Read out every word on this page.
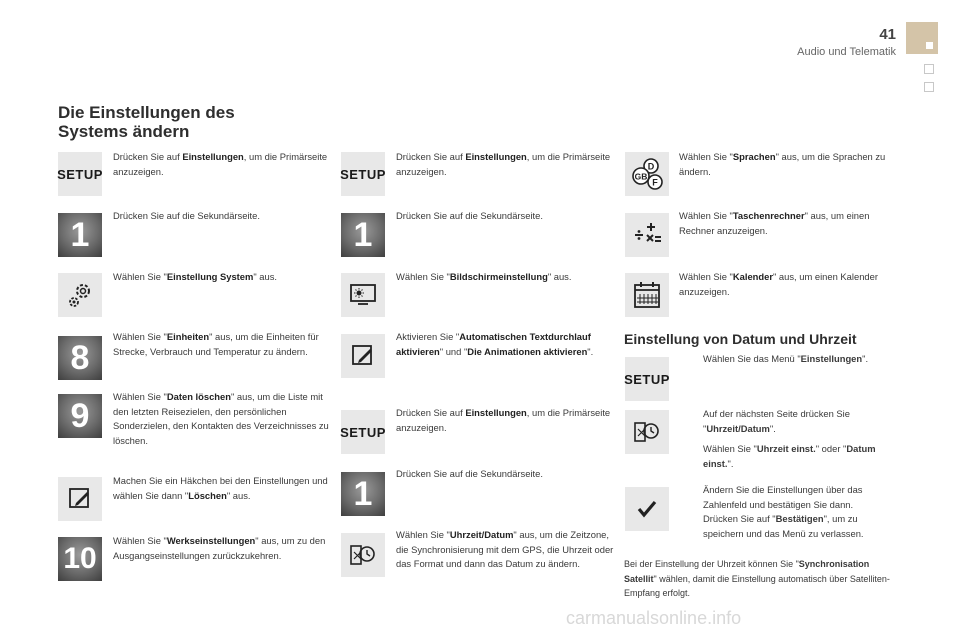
41
Audio und Telematik
Die Einstellungen des
Systems ändern
SETUP
Drücken Sie auf Einstellungen, um die Primärseite anzuzeigen.
1	Drücken Sie auf die Sekundärseite.
Wählen Sie "Einstellung System" aus.
8
Wählen Sie "Einheiten" aus, um die Einheiten für Strecke, Verbrauch und Temperatur zu ändern.
9	Wählen Sie "Daten löschen" aus, um die Liste mit den letzten Reisezielen, den persönlichen Sonderzielen, den Kontakten des Verzeichnisses zu löschen.
Machen Sie ein Häkchen bei den Einstellungen und wählen Sie dann "Löschen" aus.
10
Wählen Sie "Werkseinstellungen" aus, um zu den Ausgangseinstellungen zurückzukehren.
SETUP
Drücken Sie auf Einstellungen, um die Primärseite anzuzeigen.
1	Drücken Sie auf die Sekundärseite.
Wählen Sie "Bildschirmeinstellung" aus.
Aktivieren Sie "Automatischen Textdurchlauf aktivieren" und "Die Animationen aktivieren".
SETUP
Drücken Sie auf Einstellungen, um die Primärseite anzuzeigen.
1
Drücken Sie auf die Sekundärseite.
Wählen Sie "Uhrzeit/Datum" aus, um die Zeitzone, die Synchronisierung mit dem GPS, die Uhrzeit oder das Format und dann das Datum zu ändern.
D
GB
F
Wählen Sie "Sprachen" aus, um die Sprachen zu ändern.
Wählen Sie "Taschenrechner" aus, um einen Rechner anzuzeigen.
Wählen Sie "Kalender" aus, um einen Kalender anzuzeigen.
Einstellung von Datum und Uhrzeit
SETUP
Wählen Sie das Menü "Einstellungen".
Auf der nächsten Seite drücken Sie "Uhrzeit/Datum".
Wählen Sie "Uhrzeit einst." oder "Datum einst.".
Ändern Sie die Einstellungen über das Zahlenfeld und bestätigen Sie dann.
Drücken Sie auf "Bestätigen", um zu speichern und das Menü zu verlassen.
Bei der Einstellung der Uhrzeit können Sie "Synchronisation Satellit" wählen, damit die Einstellung automatisch über Satelliten-Empfang erfolgt.
carmanualsonline.info
